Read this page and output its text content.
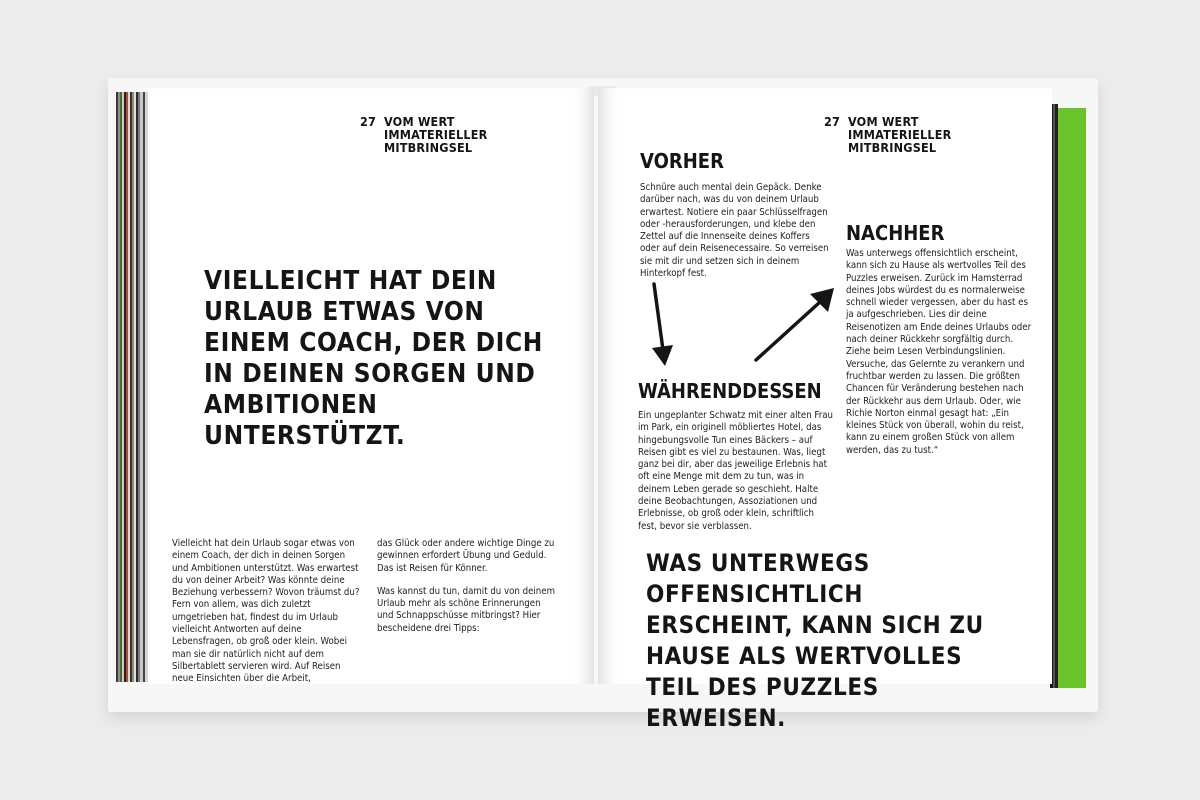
27 VOM WERT IMMATERIELLER MITBRINGSEL
VIELLEICHT HAT DEIN URLAUB ETWAS VON EINEM COACH, DER DICH IN DEINEN SORGEN UND AMBITIONEN UNTERSTÜTZT.

Vielleicht hat dein Urlaub sogar etwas von einem Coach, der dich in deinen Sorgen und Ambitionen unterstützt. Was erwartest du von deiner Arbeit? Was könnte deine Beziehung verbessern? Wovon träumst du? Fern von allem, was dich zuletzt umgetrieben hat, findest du im Urlaub vielleicht Antworten auf deine Lebensfragen, ob groß oder klein. Wobei man sie dir natürlich nicht auf dem Silbertablett servieren wird. Auf Reisen neue Einsichten über die Arbeit,

das Glück oder andere wichtige Dinge zu gewinnen erfordert Übung und Geduld. Das ist Reisen für Könner.

Was kannst du tun, damit du von deinem Urlaub mehr als schöne Erinnerungen und Schnappschüsse mitbringst? Hier bescheidene drei Tipps:

27 VOM WERT IMMATERIELLER MITBRINGSEL
VORHER
Schnüre auch mental dein Gepäck. Denke darüber nach, was du von deinem Urlaub erwartest. Notiere ein paar Schlüsselfragen oder -herausforderungen, und klebe den Zettel auf die Innenseite deines Koffers oder auf dein Reisenecessaire. So verreisen sie mit dir und setzen sich in deinem Hinterkopf fest.
NACHHER
Was unterwegs offensichtlich erscheint, kann sich zu Hause als wertvolles Teil des Puzzles erweisen. Zurück im Hamsterrad deines Jobs würdest du es normalerweise schnell wieder vergessen, aber du hast es ja aufgeschrieben. Lies dir deine Reisenotizen am Ende deines Urlaubs oder nach deiner Rückkehr sorgfältig durch. Ziehe beim Lesen Verbindungslinien. Versuche, das Gelernte zu verankern und fruchtbar werden zu lassen. Die größten Chancen für Veränderung bestehen nach der Rückkehr aus dem Urlaub. Oder, wie Richie Norton einmal gesagt hat: „Ein kleines Stück von überall, wohin du reist, kann zu einem großen Stück von allem werden, das zu tust.“
WÄHRENDDESSEN
Ein ungeplanter Schwatz mit einer alten Frau im Park, ein originell möbliertes Hotel, das hingebungsvolle Tun eines Bäckers – auf Reisen gibt es viel zu bestaunen. Was, liegt ganz bei dir, aber das jeweilige Erlebnis hat oft eine Menge mit dem zu tun, was in deinem Leben gerade so geschieht. Halte deine Beobachtungen, Assoziationen und Erlebnisse, ob groß oder klein, schriftlich fest, bevor sie verblassen.
WAS UNTERWEGS OFFENSICHTLICH ERSCHEINT, KANN SICH ZU HAUSE ALS WERTVOLLES TEIL DES PUZZLES ERWEISEN.
